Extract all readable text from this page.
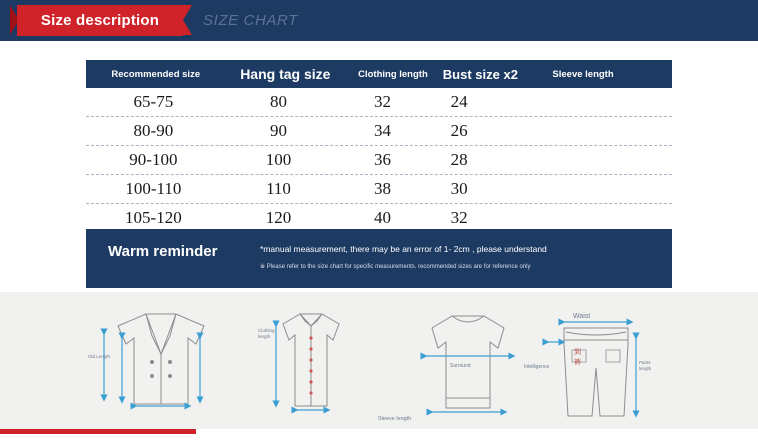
Size description	SIZE CHART
Recommended size	Hang tag size	Clothing length	Bust size x2	Sleeve length
65-75	80	32	24
80-90	90	34	26
90-100	100	36	28
100-110	110	38	30
105-120	120	40	32
Warm reminder	*manual measurement, there may be an error of 1- 2cm , please understand
※ Please refer to the size chart for specific measurements. recommended sizes are for reference only
Old Length
Clothing
length
Surround
Sleeve length
Waist
Intelligence
Pants
length
到
裤
